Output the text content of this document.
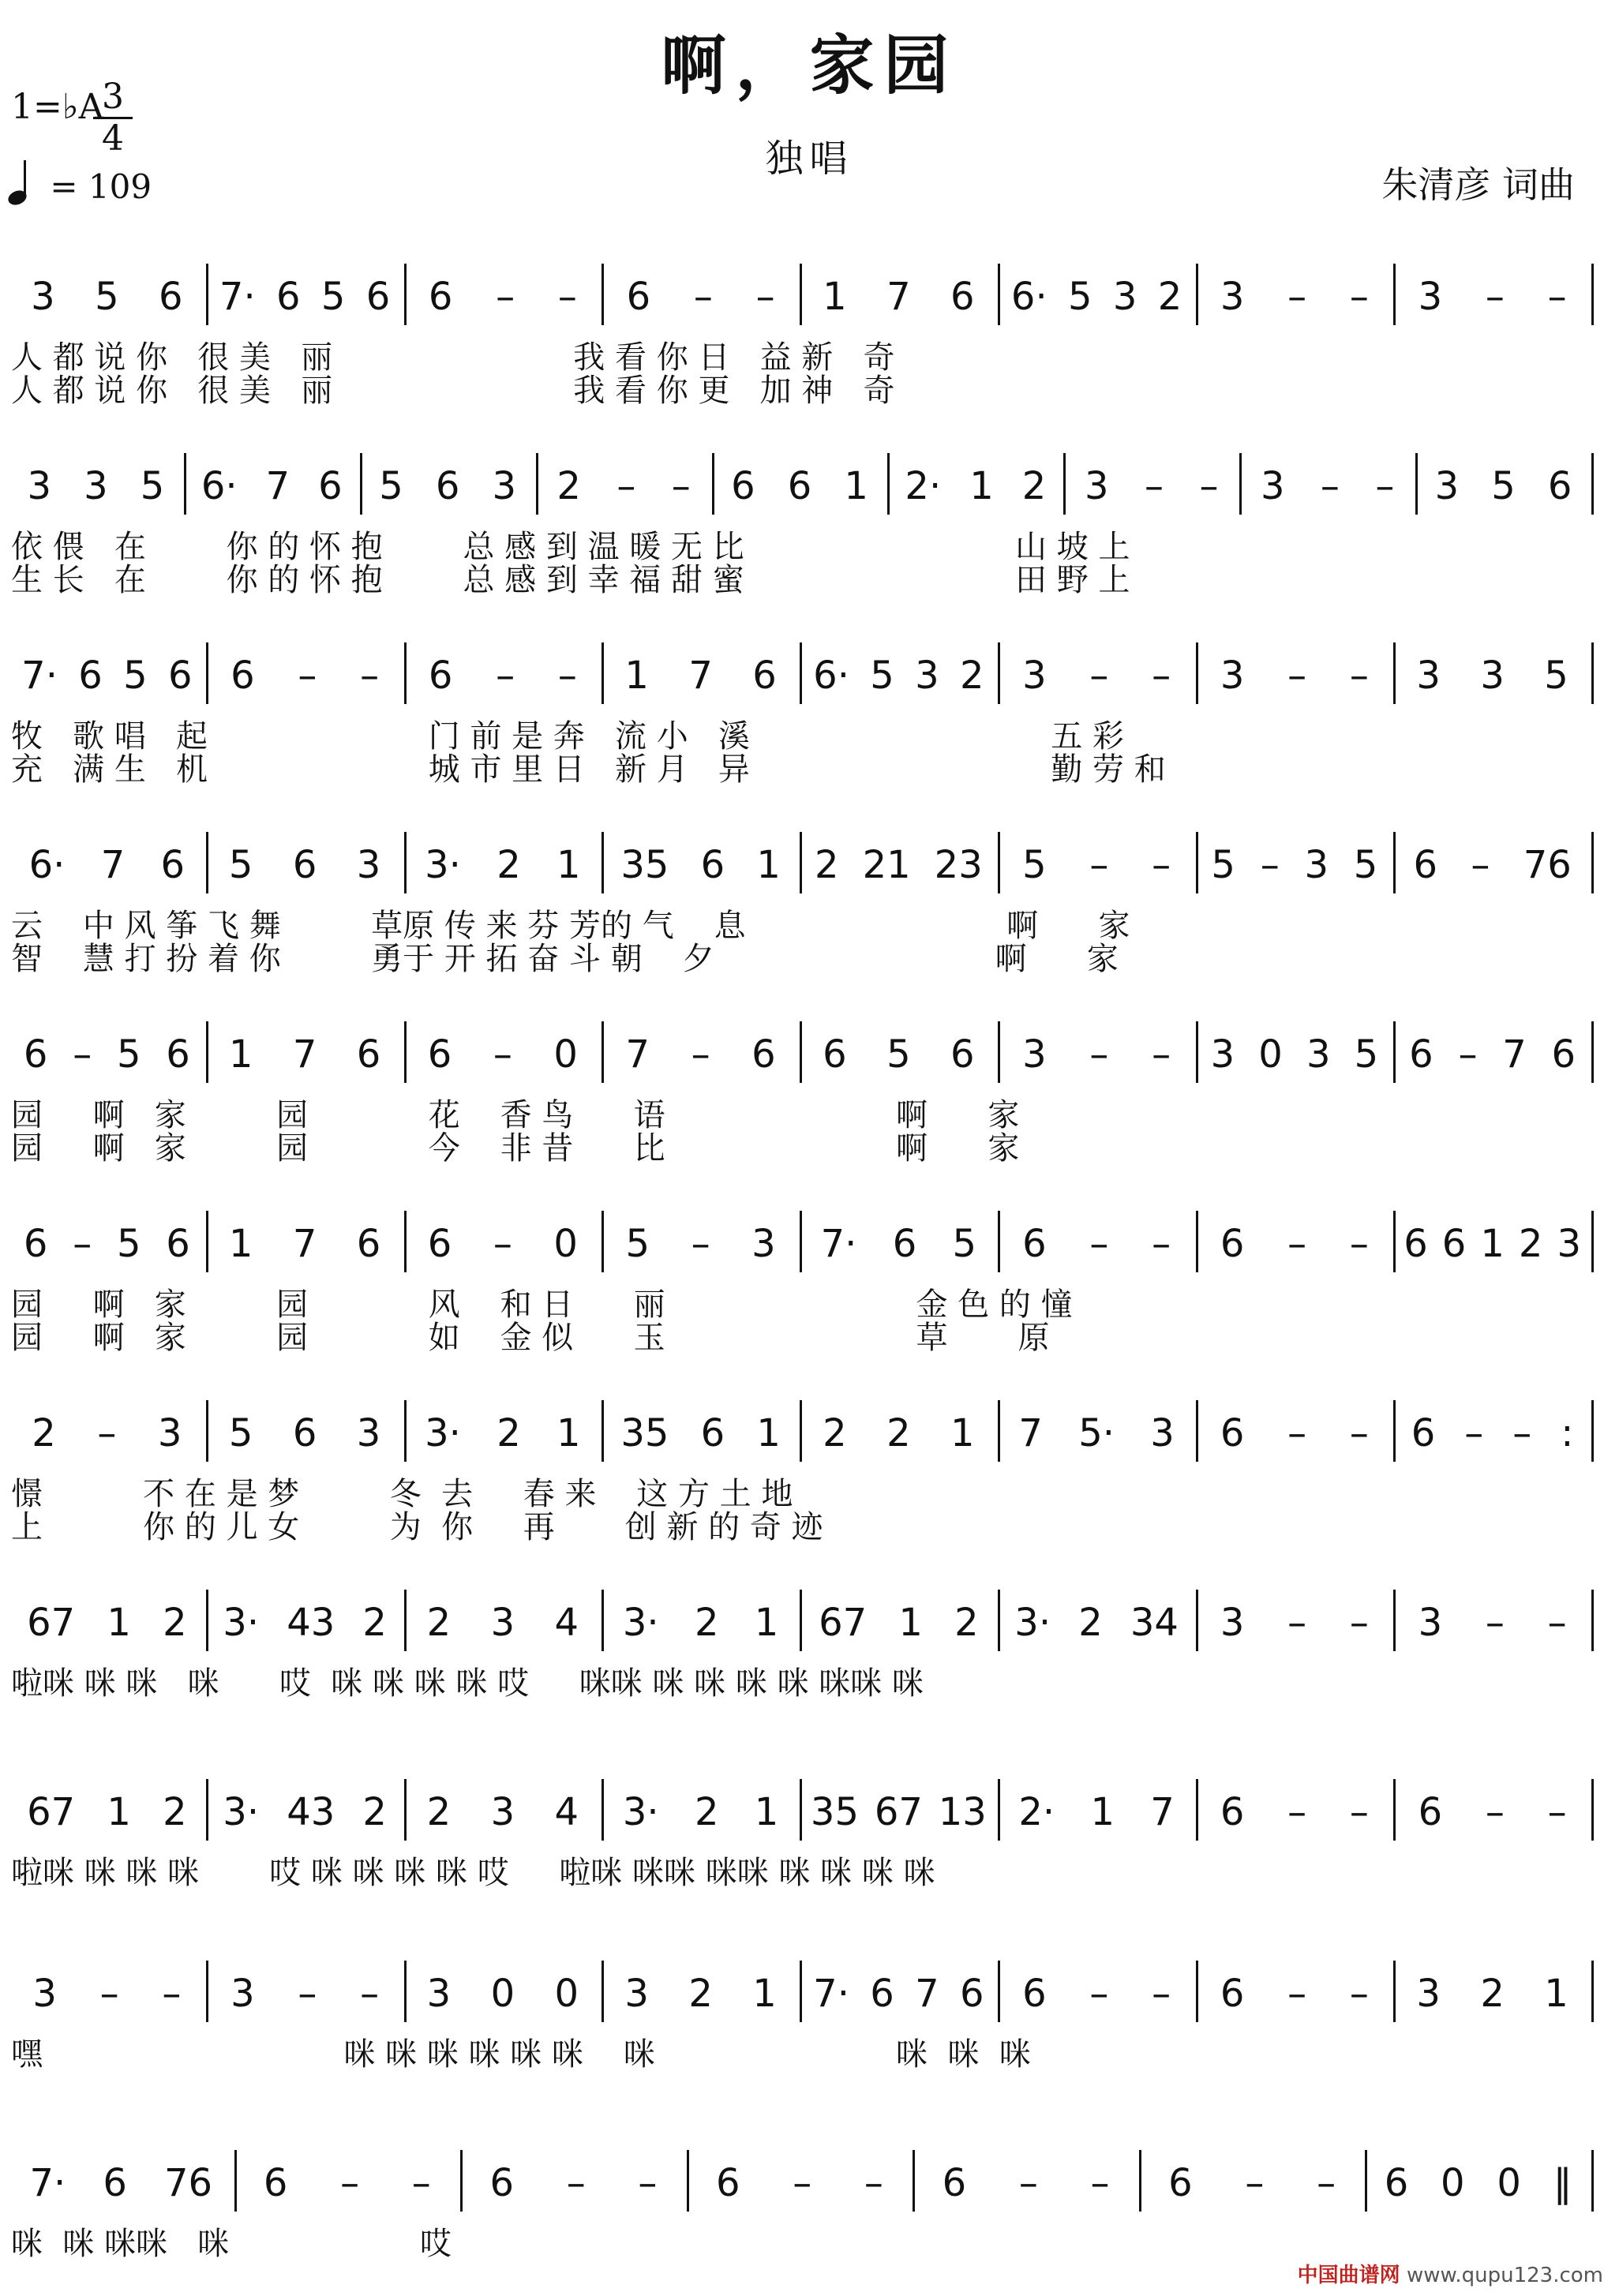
啊，家园
独唱
朱清彦 词曲
1=♭A
3
4
= 109
3 5 6 7· 6 5 6 6 – – 6 – – 1 7 6 6· 5 3 2 3 – – 3 – –
人 都 说 你   很 美   丽                        我 看 你 日   益 新   奇
人 都 说 你   很 美   丽                        我 看 你 更   加 神   奇
3 3 5 6· 7 6 5 6 3 2 – – 6 6 1 2· 1 2 3 – – 3 – – 3 5 6
依 偎   在        你 的 怀 抱        总 感 到 温 暖 无 比                           山 坡 上
生 长   在        你 的 怀 抱        总 感 到 幸 福 甜 蜜                           田 野 上
7· 6 5 6 6 – – 6 – – 1 7 6 6· 5 3 2 3 – – 3 – – 3 3 5
牧   歌 唱   起                      门 前 是 奔   流 小   溪                              五 彩
充   满 生   机                      城 市 里 日   新 月   异                              勤 劳 和
6· 7 6 5 6 3 3· 2 1 35 6 1 2 21 23 5 – – 5 – 3 5 6 – 76
云    中 风 筝 飞 舞         草原 传 来 芬 芳的 气    息                          啊      家
智    慧 打 扮 着 你         勇于 开 拓 奋 斗 朝    夕                            啊      家
6 – 5 6 1 7 6 6 – 0 7 – 6 6 5 6 3 – – 3 0 3 5 6 – 7 6
园     啊   家         园            花    香 鸟      语                       啊      家
园     啊   家         园            今    非 昔      比                       啊      家
6 – 5 6 1 7 6 6 – 0 5 – 3 7· 6 5 6 – – 6 – – 6 6 1 2 3
园     啊   家         园            风    和 日      丽                         金 色 的 憧
园     啊   家         园            如    金 似      玉                         草       原
2 – 3 5 6 3 3· 2 1 35 6 1 2 2 1 7 5· 3 6 – – 6 – – :
憬          不 在 是 梦         冬  去     春 来    这 方 土 地
上          你 的 儿 女         为  你     再       创 新 的 奇 迹
67 1 2 3· 43 2 2 3 4 3· 2 1 67 1 2 3· 2 34 3 – – 3 – –
啦咪 咪 咪   咪      哎  咪 咪 咪 咪 哎     咪咪 咪 咪 咪 咪 咪咪 咪
67 1 2 3· 43 2 2 3 4 3· 2 1 35 67 13 2· 1 7 6 – – 6 – –
啦咪 咪 咪 咪       哎 咪 咪 咪 咪 哎     啦咪 咪咪 咪咪 咪 咪 咪 咪
3 – – 3 – – 3 0 0 3 2 1 7· 6 7 6 6 – – 6 – – 3 2 1
嘿                              咪 咪 咪 咪 咪 咪    咪                        咪  咪  咪
7· 6 76 6 – – 6 – – 6 – – 6 – – 6 – – 6 0 0 ‖
咪  咪 咪咪   咪                   哎
中国曲谱网 www.qupu123.com
